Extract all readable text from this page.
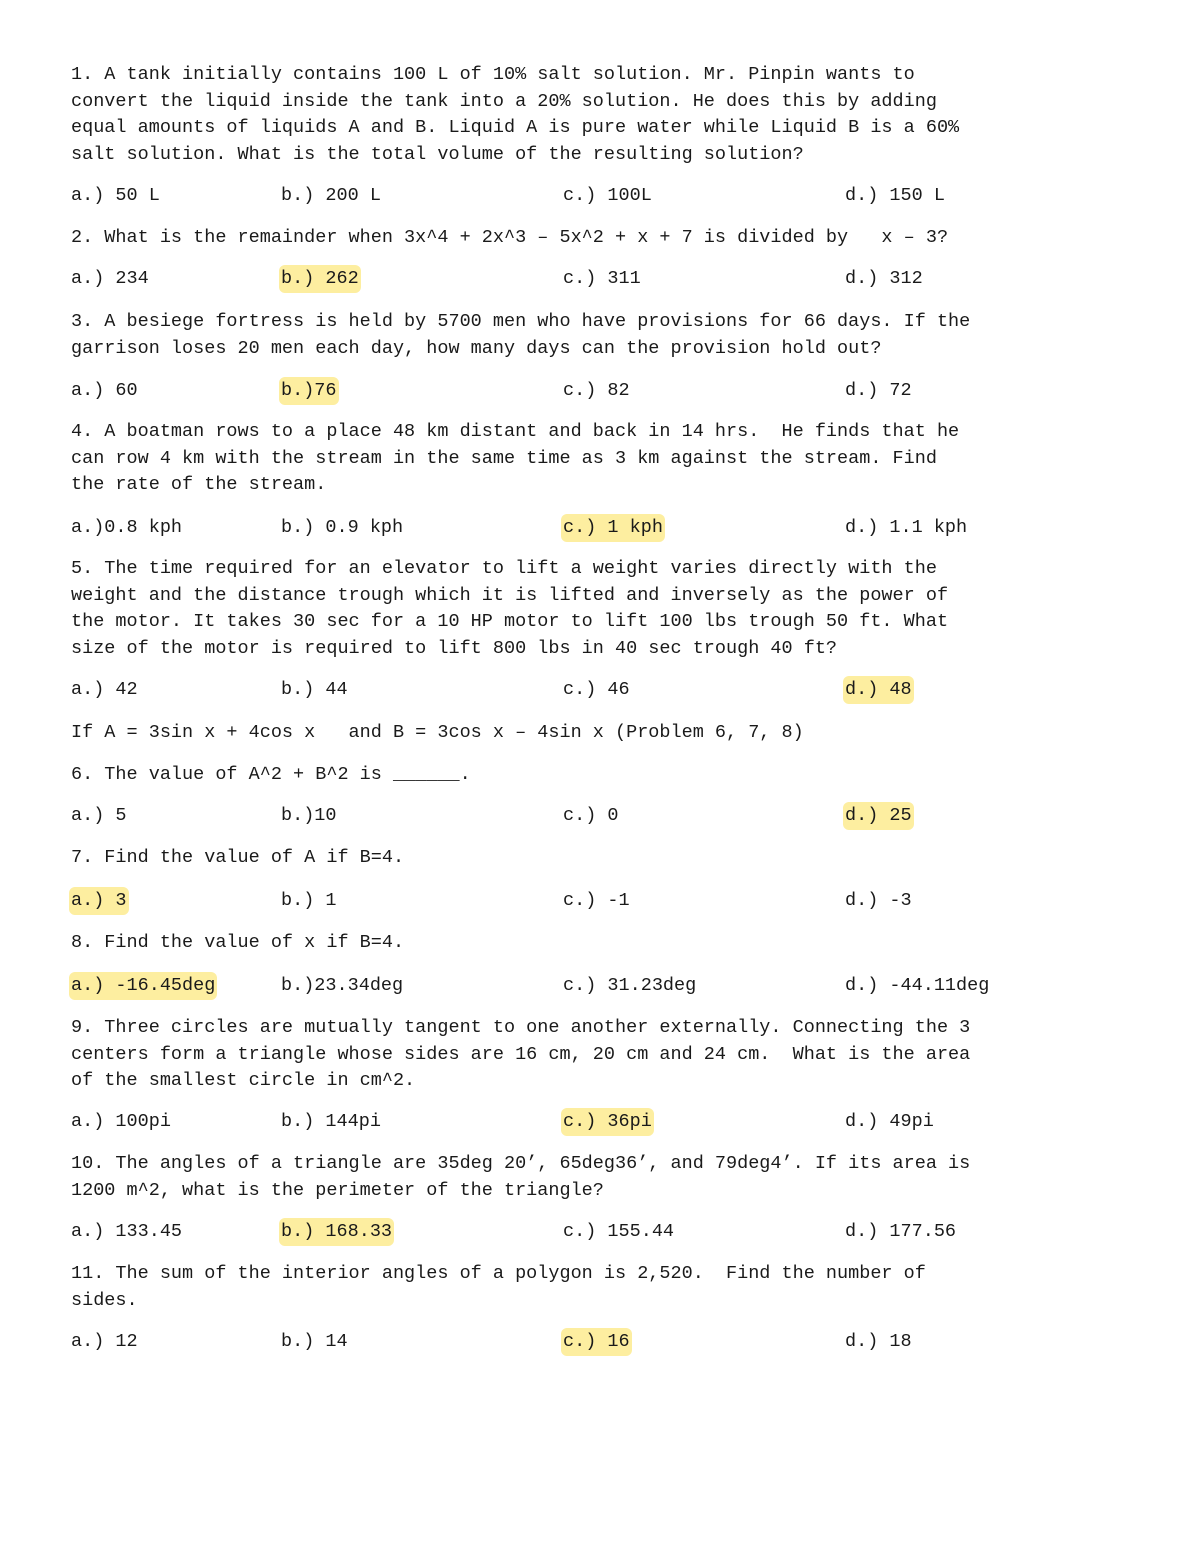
1. A tank initially contains 100 L of 10% salt solution. Mr. Pinpin wants to
convert the liquid inside the tank into a 20% solution. He does this by adding
equal amounts of liquids A and B. Liquid A is pure water while Liquid B is a 60%
salt solution. What is the total volume of the resulting solution?

a.) 50 L	b.) 200 L	c.) 100L	d.) 150 L

2. What is the remainder when 3x^4 + 2x^3 – 5x^2 + x + 7 is divided by   x – 3?

a.) 234	b.) 262	c.) 311	d.) 312

3. A besiege fortress is held by 5700 men who have provisions for 66 days. If the
garrison loses 20 men each day, how many days can the provision hold out?

a.) 60	b.)76	c.) 82	d.) 72

4. A boatman rows to a place 48 km distant and back in 14 hrs.  He finds that he
can row 4 km with the stream in the same time as 3 km against the stream. Find
the rate of the stream.

a.)0.8 kph	b.) 0.9 kph	c.) 1 kph	d.) 1.1 kph

5. The time required for an elevator to lift a weight varies directly with the
weight and the distance trough which it is lifted and inversely as the power of
the motor. It takes 30 sec for a 10 HP motor to lift 100 lbs trough 50 ft. What
size of the motor is required to lift 800 lbs in 40 sec trough 40 ft?

a.) 42	b.) 44	c.) 46	d.) 48

If A = 3sin x + 4cos x   and B = 3cos x – 4sin x (Problem 6, 7, 8)

6. The value of A^2 + B^2 is ______.

a.) 5	b.)10	c.) 0	d.) 25

7. Find the value of A if B=4.

a.) 3	b.) 1	c.) -1	d.) -3

8. Find the value of x if B=4.

a.) -16.45deg	b.)23.34deg	c.) 31.23deg	d.) -44.11deg

9. Three circles are mutually tangent to one another externally. Connecting the 3
centers form a triangle whose sides are 16 cm, 20 cm and 24 cm.  What is the area
of the smallest circle in cm^2.

a.) 100pi	b.) 144pi	c.) 36pi	d.) 49pi

10. The angles of a triangle are 35deg 20’, 65deg36’, and 79deg4’. If its area is
1200 m^2, what is the perimeter of the triangle?

a.) 133.45	b.) 168.33	c.) 155.44	d.) 177.56

11. The sum of the interior angles of a polygon is 2,520.  Find the number of
sides.

a.) 12	b.) 14	c.) 16	d.) 18
